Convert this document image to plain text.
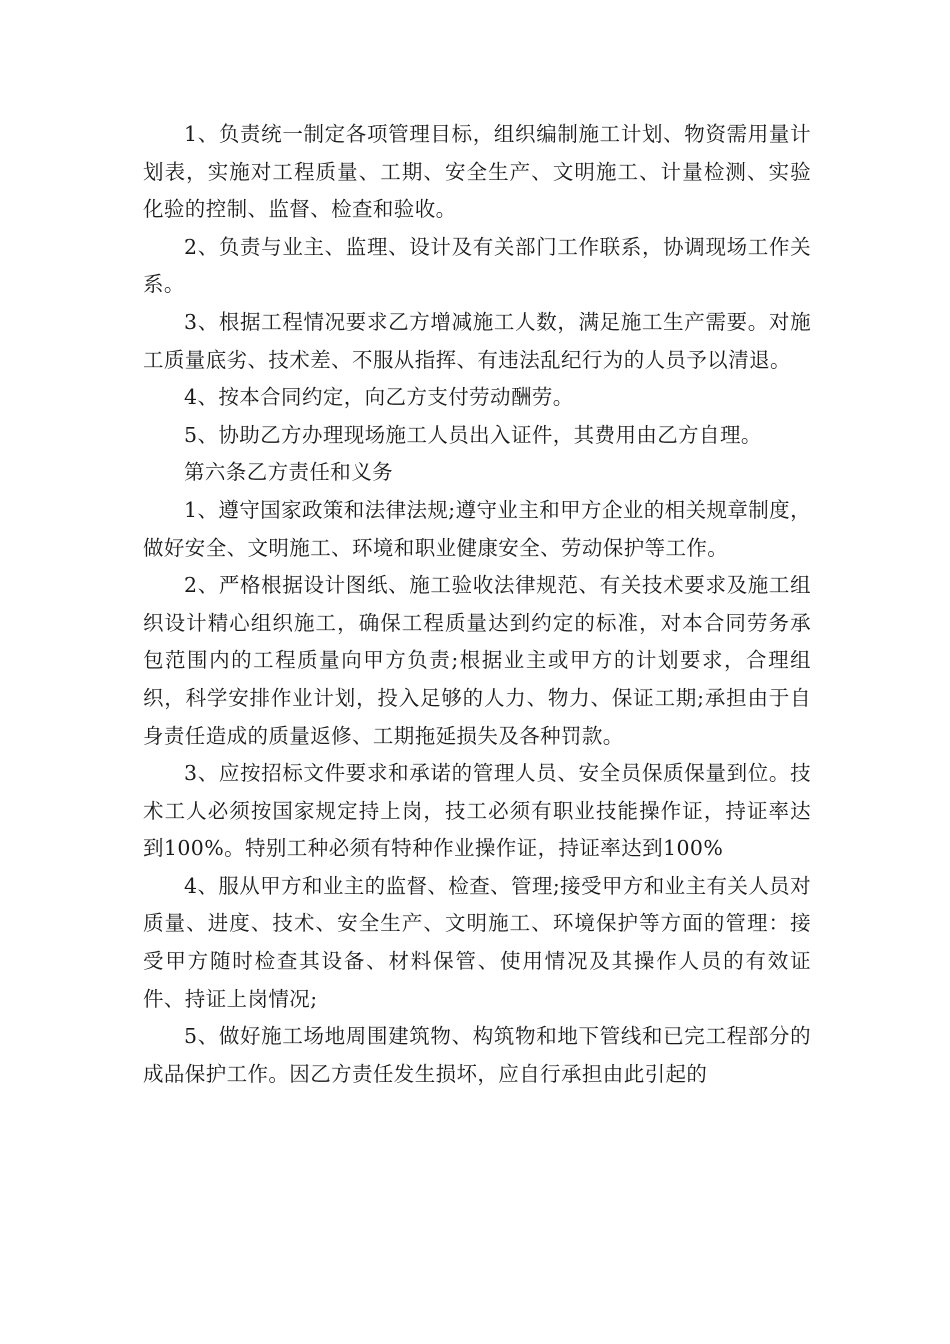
1、负责统一制定各项管理目标，组织编制施工计划、物资需用量计划表，实施对工程质量、工期、安全生产、文明施工、计量检测、实验化验的控制、监督、检查和验收。

2、负责与业主、监理、设计及有关部门工作联系，协调现场工作关系。

3、根据工程情况要求乙方增减施工人数，满足施工生产需要。对施工质量底劣、技术差、不服从指挥、有违法乱纪行为的人员予以清退。

4、按本合同约定，向乙方支付劳动酬劳。

5、协助乙方办理现场施工人员出入证件，其费用由乙方自理。

第六条乙方责任和义务

1、遵守国家政策和法律法规;遵守业主和甲方企业的相关规章制度，做好安全、文明施工、环境和职业健康安全、劳动保护等工作。

2、严格根据设计图纸、施工验收法律规范、有关技术要求及施工组织设计精心组织施工，确保工程质量达到约定的标准，对本合同劳务承包范围内的工程质量向甲方负责;根据业主或甲方的计划要求，合理组织，科学安排作业计划，投入足够的人力、物力、保证工期;承担由于自身责任造成的质量返修、工期拖延损失及各种罚款。

3、应按招标文件要求和承诺的管理人员、安全员保质保量到位。技术工人必须按国家规定持上岗，技工必须有职业技能操作证，持证率达到100%。特别工种必须有特种作业操作证，持证率达到100%

4、服从甲方和业主的监督、检查、管理;接受甲方和业主有关人员对质量、进度、技术、安全生产、文明施工、环境保护等方面的管理：接受甲方随时检查其设备、材料保管、使用情况及其操作人员的有效证件、持证上岗情况;

5、做好施工场地周围建筑物、构筑物和地下管线和已完工程部分的成品保护工作。因乙方责任发生损坏，应自行承担由此引起的
